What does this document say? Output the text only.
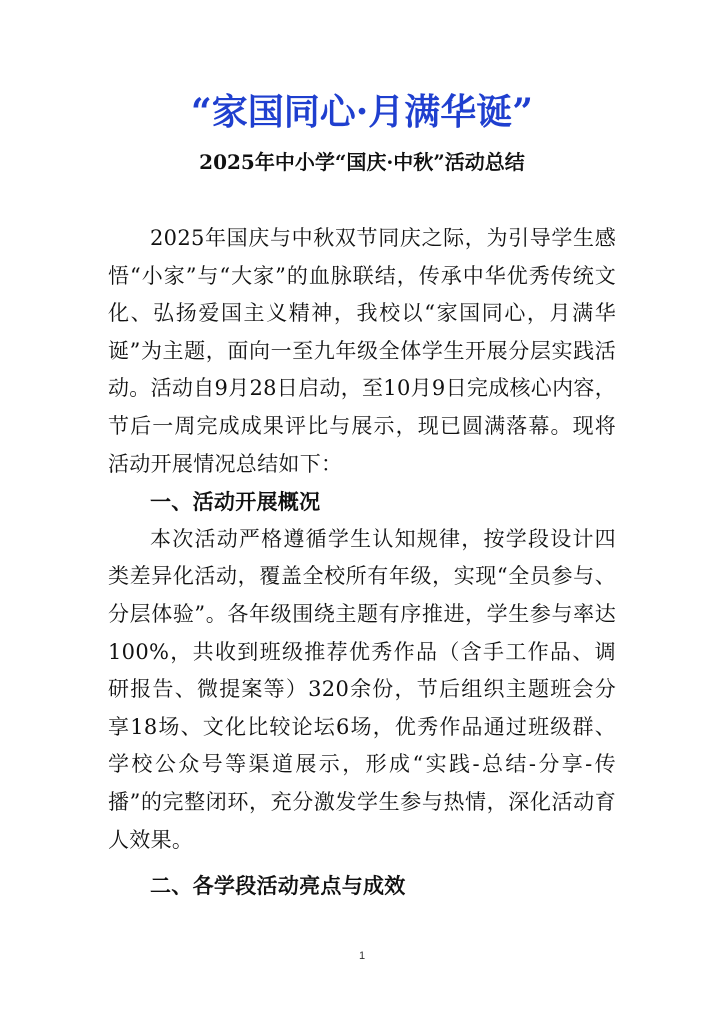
“家国同心·月满华诞”
2025年中小学“国庆·中秋”活动总结

2025年国庆与中秋双节同庆之际，为引导学生感悟“小家”与“大家”的血脉联结，传承中华优秀传统文化、弘扬爱国主义精神，我校以“家国同心，月满华诞”为主题，面向一至九年级全体学生开展分层实践活动。活动自9月28日启动，至10月9日完成核心内容，节后一周完成成果评比与展示，现已圆满落幕。现将活动开展情况总结如下：

一、活动开展概况

本次活动严格遵循学生认知规律，按学段设计四类差异化活动，覆盖全校所有年级，实现“全员参与、分层体验”。各年级围绕主题有序推进，学生参与率达100%，共收到班级推荐优秀作品（含手工作品、调研报告、微提案等）320余份，节后组织主题班会分享18场、文化比较论坛6场，优秀作品通过班级群、学校公众号等渠道展示，形成“实践-总结-分享-传播”的完整闭环，充分激发学生参与热情，深化活动育人效果。

二、各学段活动亮点与成效

1
